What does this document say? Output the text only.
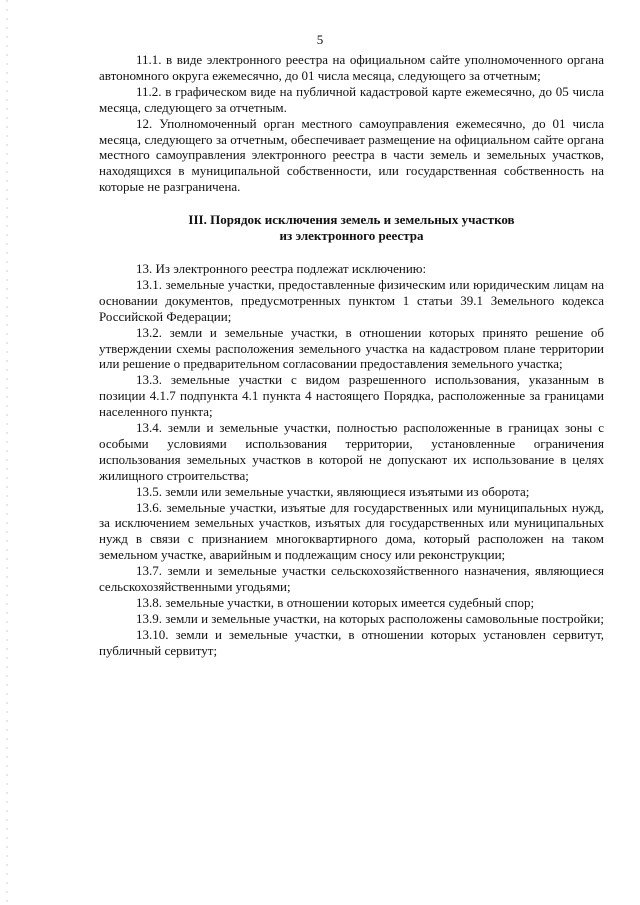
5

11.1. в виде электронного реестра на официальном сайте уполномоченного органа автономного округа ежемесячно, до 01 числа месяца, следующего за отчетным;

11.2. в графическом виде на публичной кадастровой карте ежемесячно, до 05 числа месяца, следующего за отчетным.

12. Уполномоченный орган местного самоуправления ежемесячно, до 01 числа месяца, следующего за отчетным, обеспечивает размещение на официальном сайте органа местного самоуправления электронного реестра в части земель и земельных участков, находящихся в муниципальной собственности, или государственная собственность на которые не разграничена.

III. Порядок исключения земель и земельных участков
из электронного реестра

13. Из электронного реестра подлежат исключению:

13.1. земельные участки, предоставленные физическим или юридическим лицам на основании документов, предусмотренных пунктом 1 статьи 39.1 Земельного кодекса Российской Федерации;

13.2. земли и земельные участки, в отношении которых принято решение об утверждении схемы расположения земельного участка на кадастровом плане территории или решение о предварительном согласовании предоставления земельного участка;

13.3. земельные участки с видом разрешенного использования, указанным в позиции 4.1.7 подпункта 4.1 пункта 4 настоящего Порядка, расположенные за границами населенного пункта;

13.4. земли и земельные участки, полностью расположенные в границах зоны с особыми условиями использования территории, установленные ограничения использования земельных участков в которой не допускают их использование в целях жилищного строительства;

13.5. земли или земельные участки, являющиеся изъятыми из оборота;

13.6. земельные участки, изъятые для государственных или муниципальных нужд, за исключением земельных участков, изъятых для государственных или муниципальных нужд в связи с признанием многоквартирного дома, который расположен на таком земельном участке, аварийным и подлежащим сносу или реконструкции;

13.7. земли и земельные участки сельскохозяйственного назначения, являющиеся сельскохозяйственными угодьями;

13.8. земельные участки, в отношении которых имеется судебный спор;

13.9. земли и земельные участки, на которых расположены самовольные постройки;

13.10. земли и земельные участки, в отношении которых установлен сервитут, публичный сервитут;
